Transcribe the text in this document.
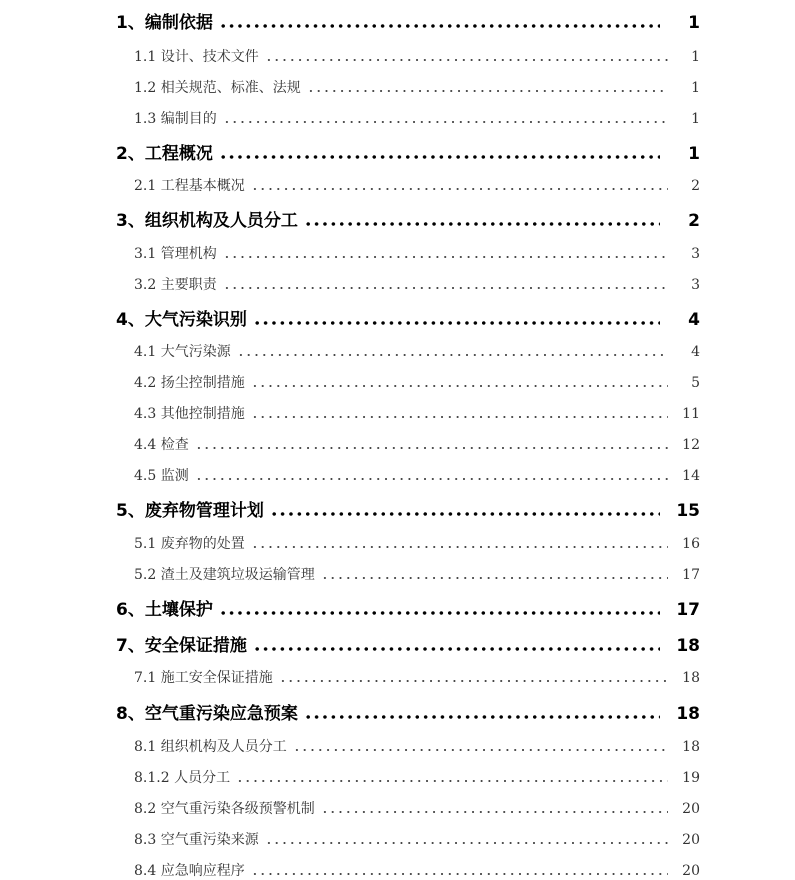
1、编制依据	1
1.1 设计、技术文件	1
1.2 相关规范、标准、法规	1
1.3 编制目的	1
2、工程概况	1
2.1 工程基本概况	2
3、组织机构及人员分工	2
3.1 管理机构	3
3.2 主要职责	3
4、大气污染识别	4
4.1 大气污染源	4
4.2 扬尘控制措施	5
4.3 其他控制措施	11
4.4 检查	12
4.5 监测	14
5、废弃物管理计划	15
5.1 废弃物的处置	16
5.2 渣土及建筑垃圾运输管理	17
6、土壤保护	17
7、安全保证措施	18
7.1 施工安全保证措施	18
8、空气重污染应急预案	18
8.1 组织机构及人员分工	18
8.1.2 人员分工	19
8.2 空气重污染各级预警机制	20
8.3 空气重污染来源	20
8.4 应急响应程序	20
